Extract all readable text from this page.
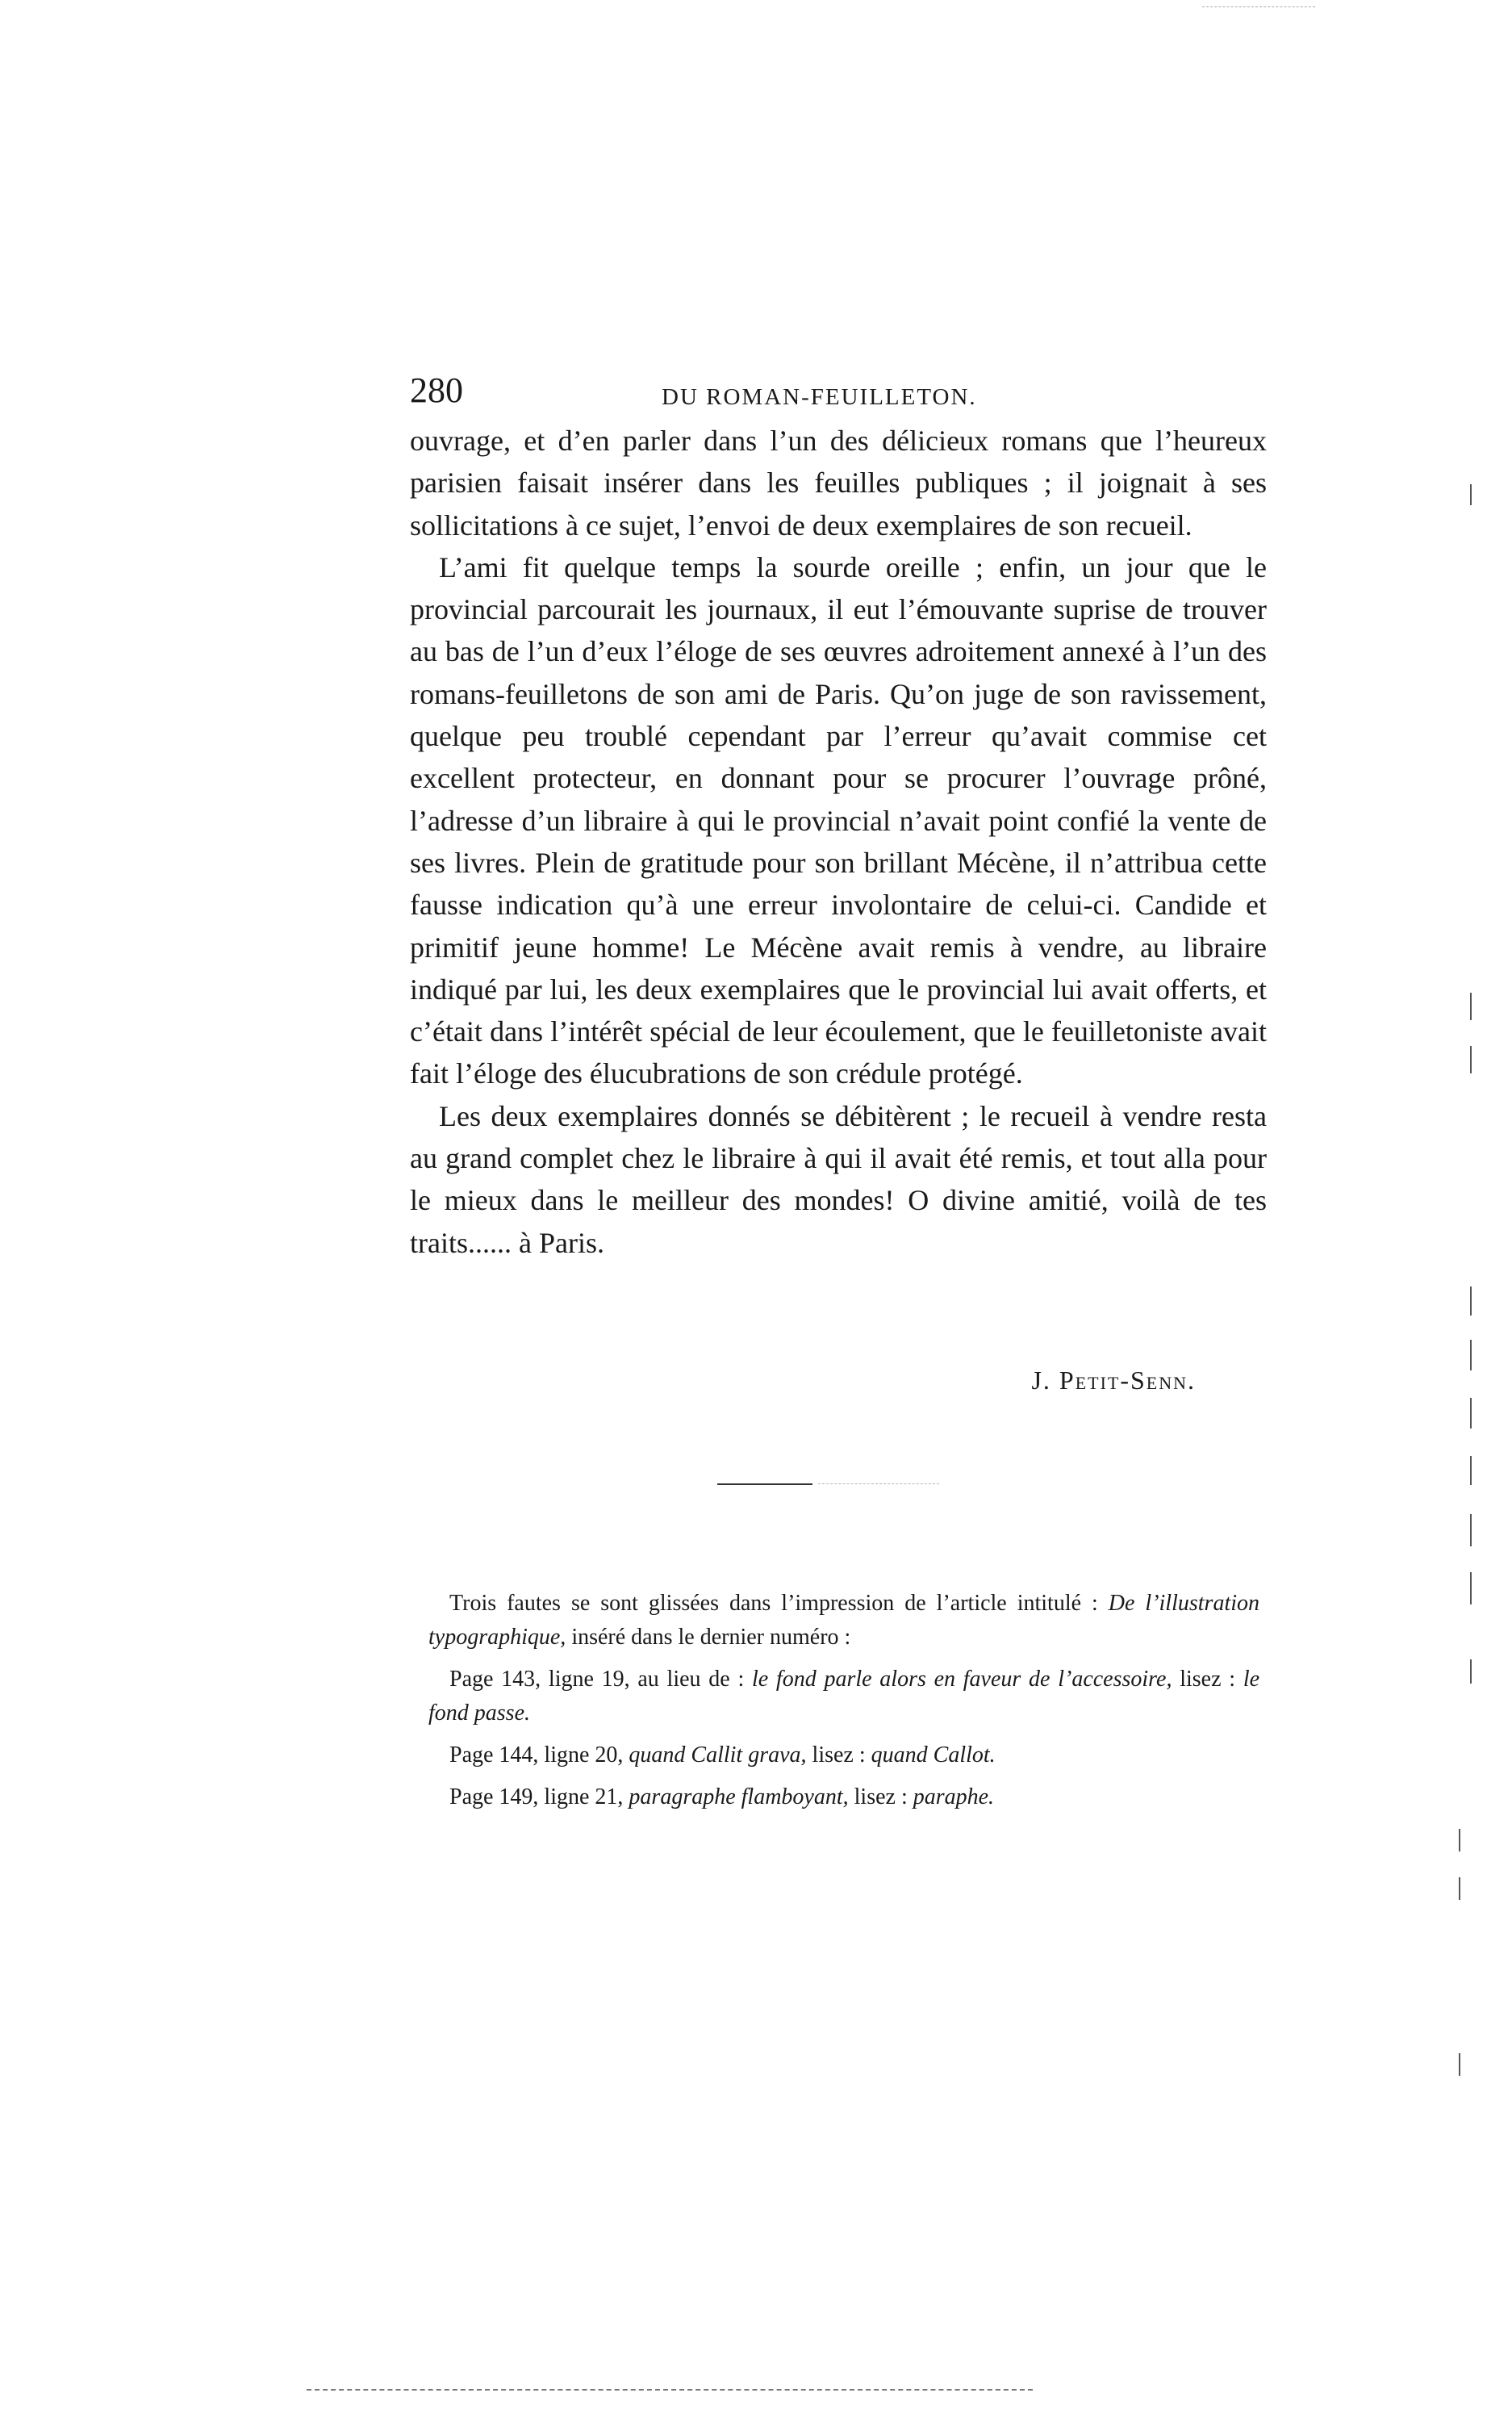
280	DU ROMAN-FEUILLETON.

ouvrage, et d’en parler dans l’un des délicieux romans que l’heureux parisien faisait insérer dans les feuilles publiques ; il joignait à ses sollicitations à ce sujet, l’envoi de deux exemplaires de son recueil.

L’ami fit quelque temps la sourde oreille ; enfin, un jour que le provincial parcourait les journaux, il eut l’émouvante suprise de trouver au bas de l’un d’eux l’éloge de ses œuvres adroitement annexé à l’un des romans-feuilletons de son ami de Paris. Qu’on juge de son ravissement, quelque peu troublé cependant par l’erreur qu’avait commise cet excellent protecteur, en donnant pour se procurer l’ouvrage prôné, l’adresse d’un libraire à qui le provincial n’avait point confié la vente de ses livres. Plein de gratitude pour son brillant Mécène, il n’attribua cette fausse indication qu’à une erreur involontaire de celui-ci. Candide et primitif jeune homme! Le Mécène avait remis à vendre, au libraire indiqué par lui, les deux exemplaires que le provincial lui avait offerts, et c’était dans l’intérêt spécial de leur écoulement, que le feuilletoniste avait fait l’éloge des élucubrations de son crédule protégé.

Les deux exemplaires donnés se débitèrent ; le recueil à vendre resta au grand complet chez le libraire à qui il avait été remis, et tout alla pour le mieux dans le meilleur des mondes! O divine amitié, voilà de tes traits...... à Paris.

J. Petit-Senn.

Trois fautes se sont glissées dans l’impression de l’article intitulé : De l’illustration typographique, inséré dans le dernier numéro :

Page 143, ligne 19, au lieu de : le fond parle alors en faveur de l’accessoire, lisez : le fond passe.

Page 144, ligne 20, quand Callit grava, lisez : quand Callot.

Page 149, ligne 21, paragraphe flamboyant, lisez : paraphe.
